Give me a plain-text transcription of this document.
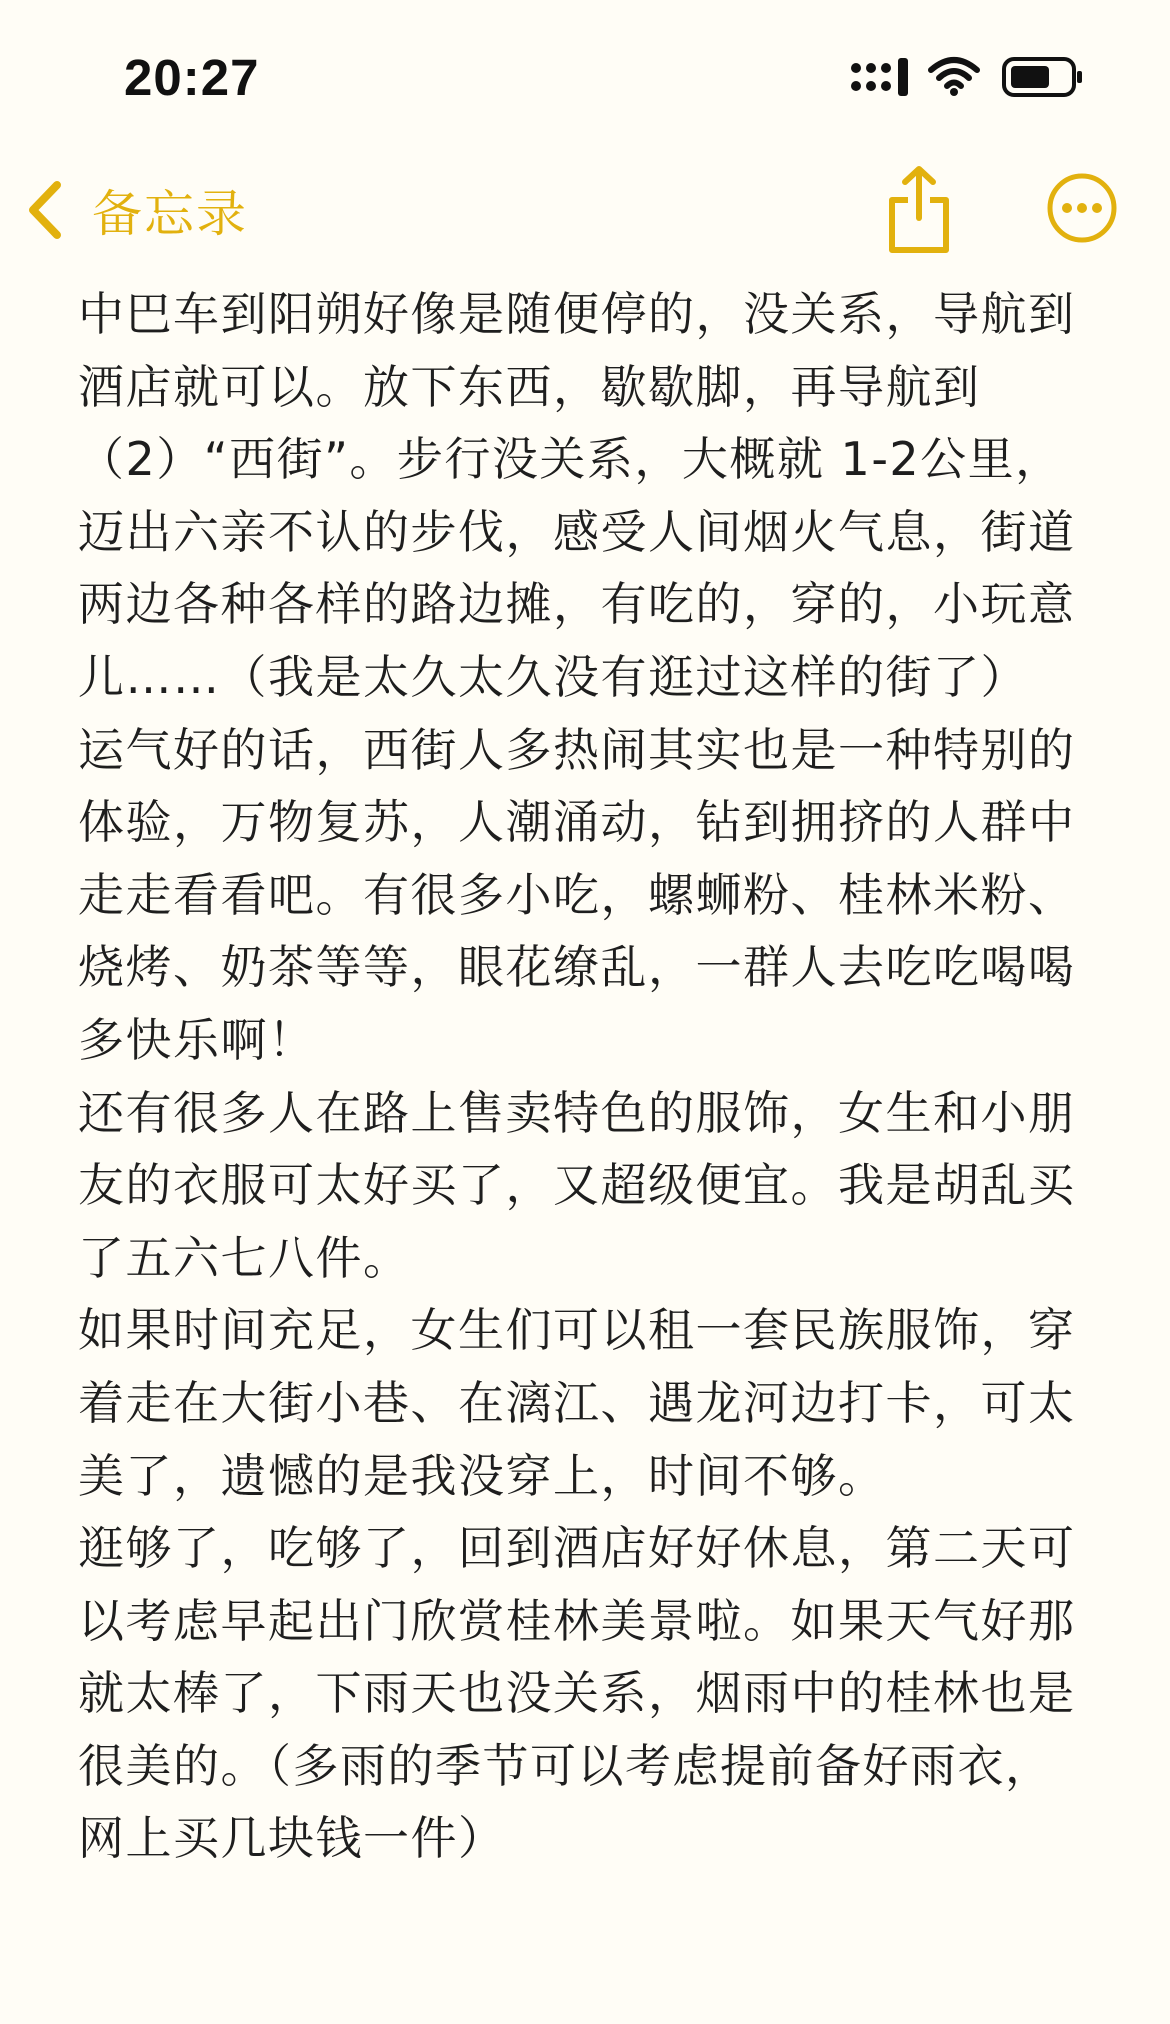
20:27
备忘录

中巴车到阳朔好像是随便停的，没关系，导航到酒店就可以。放下东西，歇歇脚，再导航到（2）“西街”。步行没关系，大概就 1-2公里，迈出六亲不认的步伐，感受人间烟火气息，街道两边各种各样的路边摊，有吃的，穿的，小玩意儿……（我是太久太久没有逛过这样的街了）

运气好的话，西街人多热闹其实也是一种特别的体验，万物复苏，人潮涌动，钻到拥挤的人群中走走看看吧。有很多小吃，螺蛳粉、桂林米粉、烧烤、奶茶等等，眼花缭乱，一群人去吃吃喝喝多快乐啊！

还有很多人在路上售卖特色的服饰，女生和小朋友的衣服可太好买了，又超级便宜。我是胡乱买了五六七八件。

如果时间充足，女生们可以租一套民族服饰，穿着走在大街小巷、在漓江、遇龙河边打卡，可太美了，遗憾的是我没穿上，时间不够。

逛够了，吃够了，回到酒店好好休息，第二天可以考虑早起出门欣赏桂林美景啦。如果天气好那就太棒了，下雨天也没关系，烟雨中的桂林也是很美的。（多雨的季节可以考虑提前备好雨衣，网上买几块钱一件）
